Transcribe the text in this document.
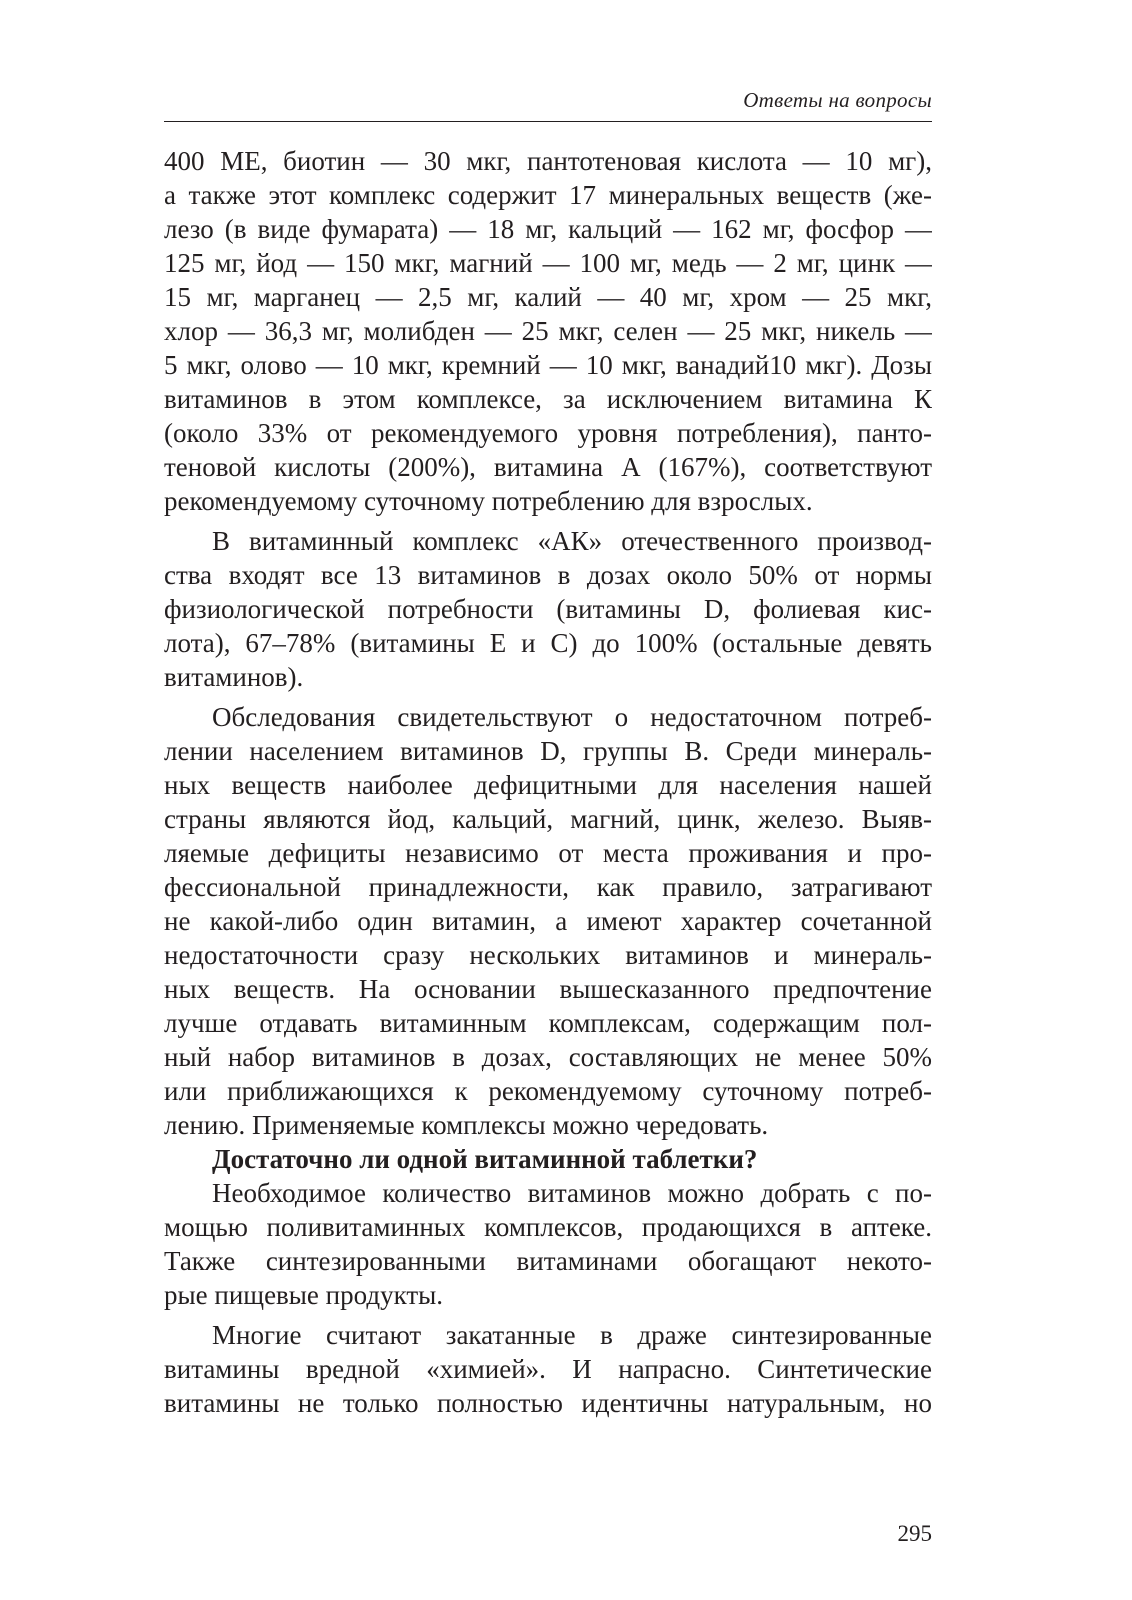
Ответы на вопросы
400 МЕ, биотин — 30 мкг, пантотеновая кислота — 10 мг),
а также этот комплекс содержит 17 минеральных веществ (же-
лезо (в виде фумарата) — 18 мг, кальций — 162 мг, фосфор —
125 мг, йод — 150 мкг, магний — 100 мг, медь — 2 мг, цинк —
15 мг, марганец — 2,5 мг, калий — 40 мг, хром — 25 мкг,
хлор — 36,3 мг, молибден — 25 мкг, селен — 25 мкг, никель —
5 мкг, олово — 10 мкг, кремний — 10 мкг, ванадий10 мкг). Дозы
витаминов в этом комплексе, за исключением витамина К
(около 33% от рекомендуемого уровня потребления), панто-
теновой кислоты (200%), витамина А (167%), соответствуют
рекомендуемому суточному потреблению для взрослых.
В витаминный комплекс «АК» отечественного производ-
ства входят все 13 витаминов в дозах около 50% от нормы
физиологической потребности (витамины D, фолиевая кис-
лота), 67–78% (витамины Е и С) до 100% (остальные девять
витаминов).
Обследования свидетельствуют о недостаточном потреб-
лении населением витаминов D, группы В. Среди минераль-
ных веществ наиболее дефицитными для населения нашей
страны являются йод, кальций, магний, цинк, железо. Выяв-
ляемые дефициты независимо от места проживания и про-
фессиональной принадлежности, как правило, затрагивают
не какой-либо один витамин, а имеют характер сочетанной
недостаточности сразу нескольких витаминов и минераль-
ных веществ. На основании вышесказанного предпочтение
лучше отдавать витаминным комплексам, содержащим пол-
ный набор витаминов в дозах, составляющих не менее 50%
или приближающихся к рекомендуемому суточному потреб-
лению. Применяемые комплексы можно чередовать.
Достаточно ли одной витаминной таблетки?
Необходимое количество витаминов можно добрать с по-
мощью поливитаминных комплексов, продающихся в аптеке.
Также синтезированными витаминами обогащают некото-
рые пищевые продукты.
Многие считают закатанные в драже синтезированные
витамины вредной «химией». И напрасно. Синтетические
витамины не только полностью идентичны натуральным, но
295
